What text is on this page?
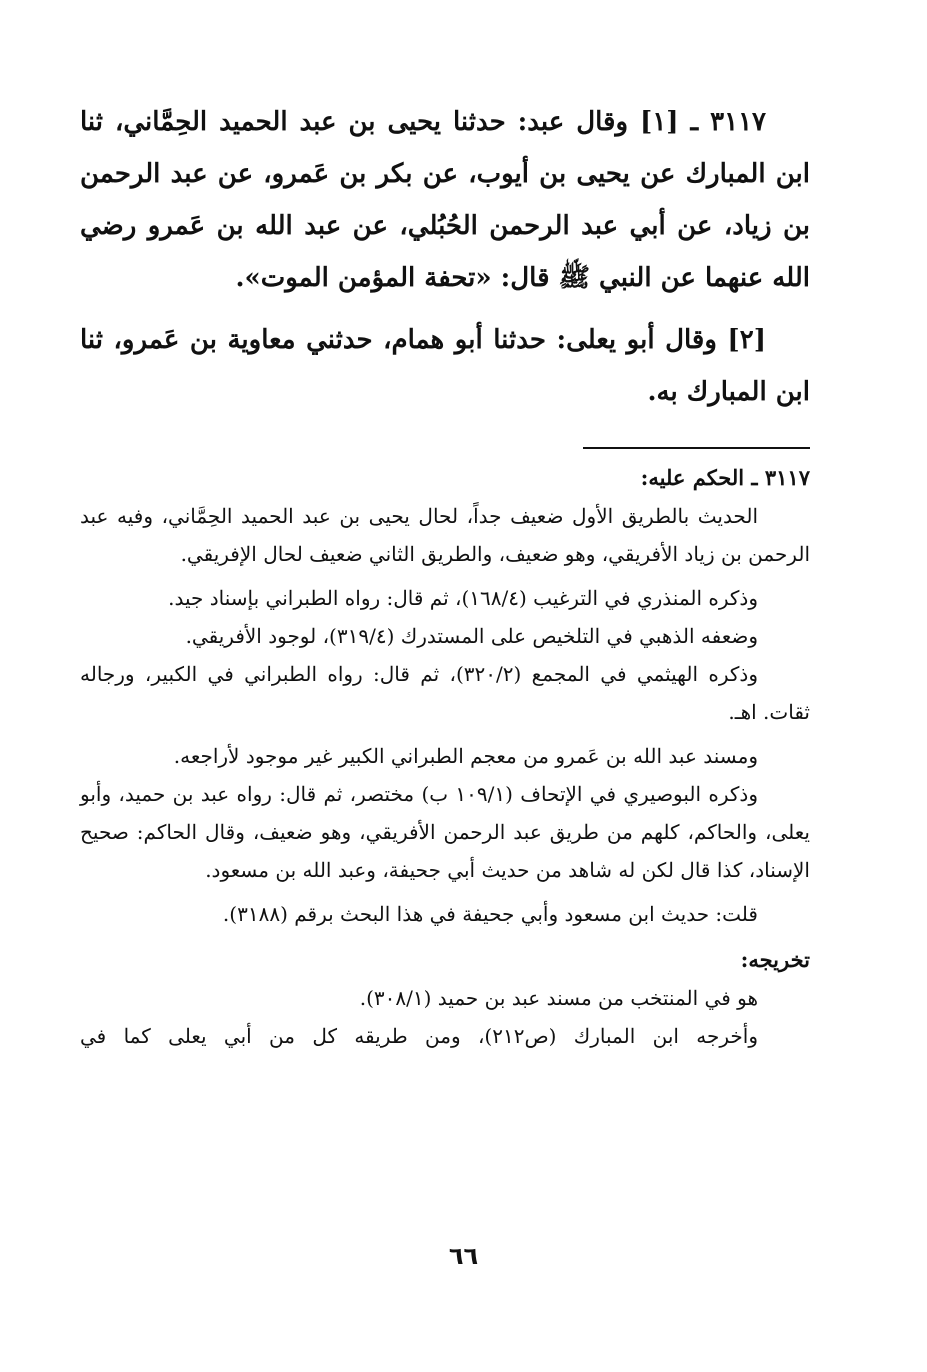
٣١١٧ ـ [١] وقال عبد: حدثنا يحيى بن عبد الحميد الحِمَّاني، ثنا ابن المبارك عن يحيى بن أيوب، عن بكر بن عَمرو، عن عبد الرحمن بن زياد، عن أبي عبد الرحمن الحُبُلي، عن عبد الله بن عَمرو رضي الله عنهما عن النبي ﷺ قال: «تحفة المؤمن الموت».

[٢] وقال أبو يعلى: حدثنا أبو همام، حدثني معاوية بن عَمرو، ثنا ابن المبارك به.

٣١١٧ ـ الحكم عليه:

الحديث بالطريق الأول ضعيف جداً، لحال يحيى بن عبد الحميد الحِمَّاني، وفيه عبد الرحمن بن زياد الأفريقي، وهو ضعيف، والطريق الثاني ضعيف لحال الإفريقي.

وذكره المنذري في الترغيب (١٦٨/٤)، ثم قال: رواه الطبراني بإسناد جيد.

وضعفه الذهبي في التلخيص على المستدرك (٣١٩/٤)، لوجود الأفريقي.

وذكره الهيثمي في المجمع (٣٢٠/٢)، ثم قال: رواه الطبراني في الكبير، ورجاله ثقات. اهـ.

ومسند عبد الله بن عَمرو من معجم الطبراني الكبير غير موجود لأراجعه.

وذكره البوصيري في الإتحاف (١٠٩/١ ب) مختصر، ثم قال: رواه عبد بن حميد، وأبو يعلى، والحاكم، كلهم من طريق عبد الرحمن الأفريقي، وهو ضعيف، وقال الحاكم: صحيح الإسناد، كذا قال لكن له شاهد من حديث أبي جحيفة، وعبد الله بن مسعود.

قلت: حديث ابن مسعود وأبي جحيفة في هذا البحث برقم (٣١٨٨).

تخريجه:

هو في المنتخب من مسند عبد بن حميد (٣٠٨/١).

وأخرجه ابن المبارك (ص٢١٢)، ومن طريقه كل من أبي يعلى كما في

٦٦
